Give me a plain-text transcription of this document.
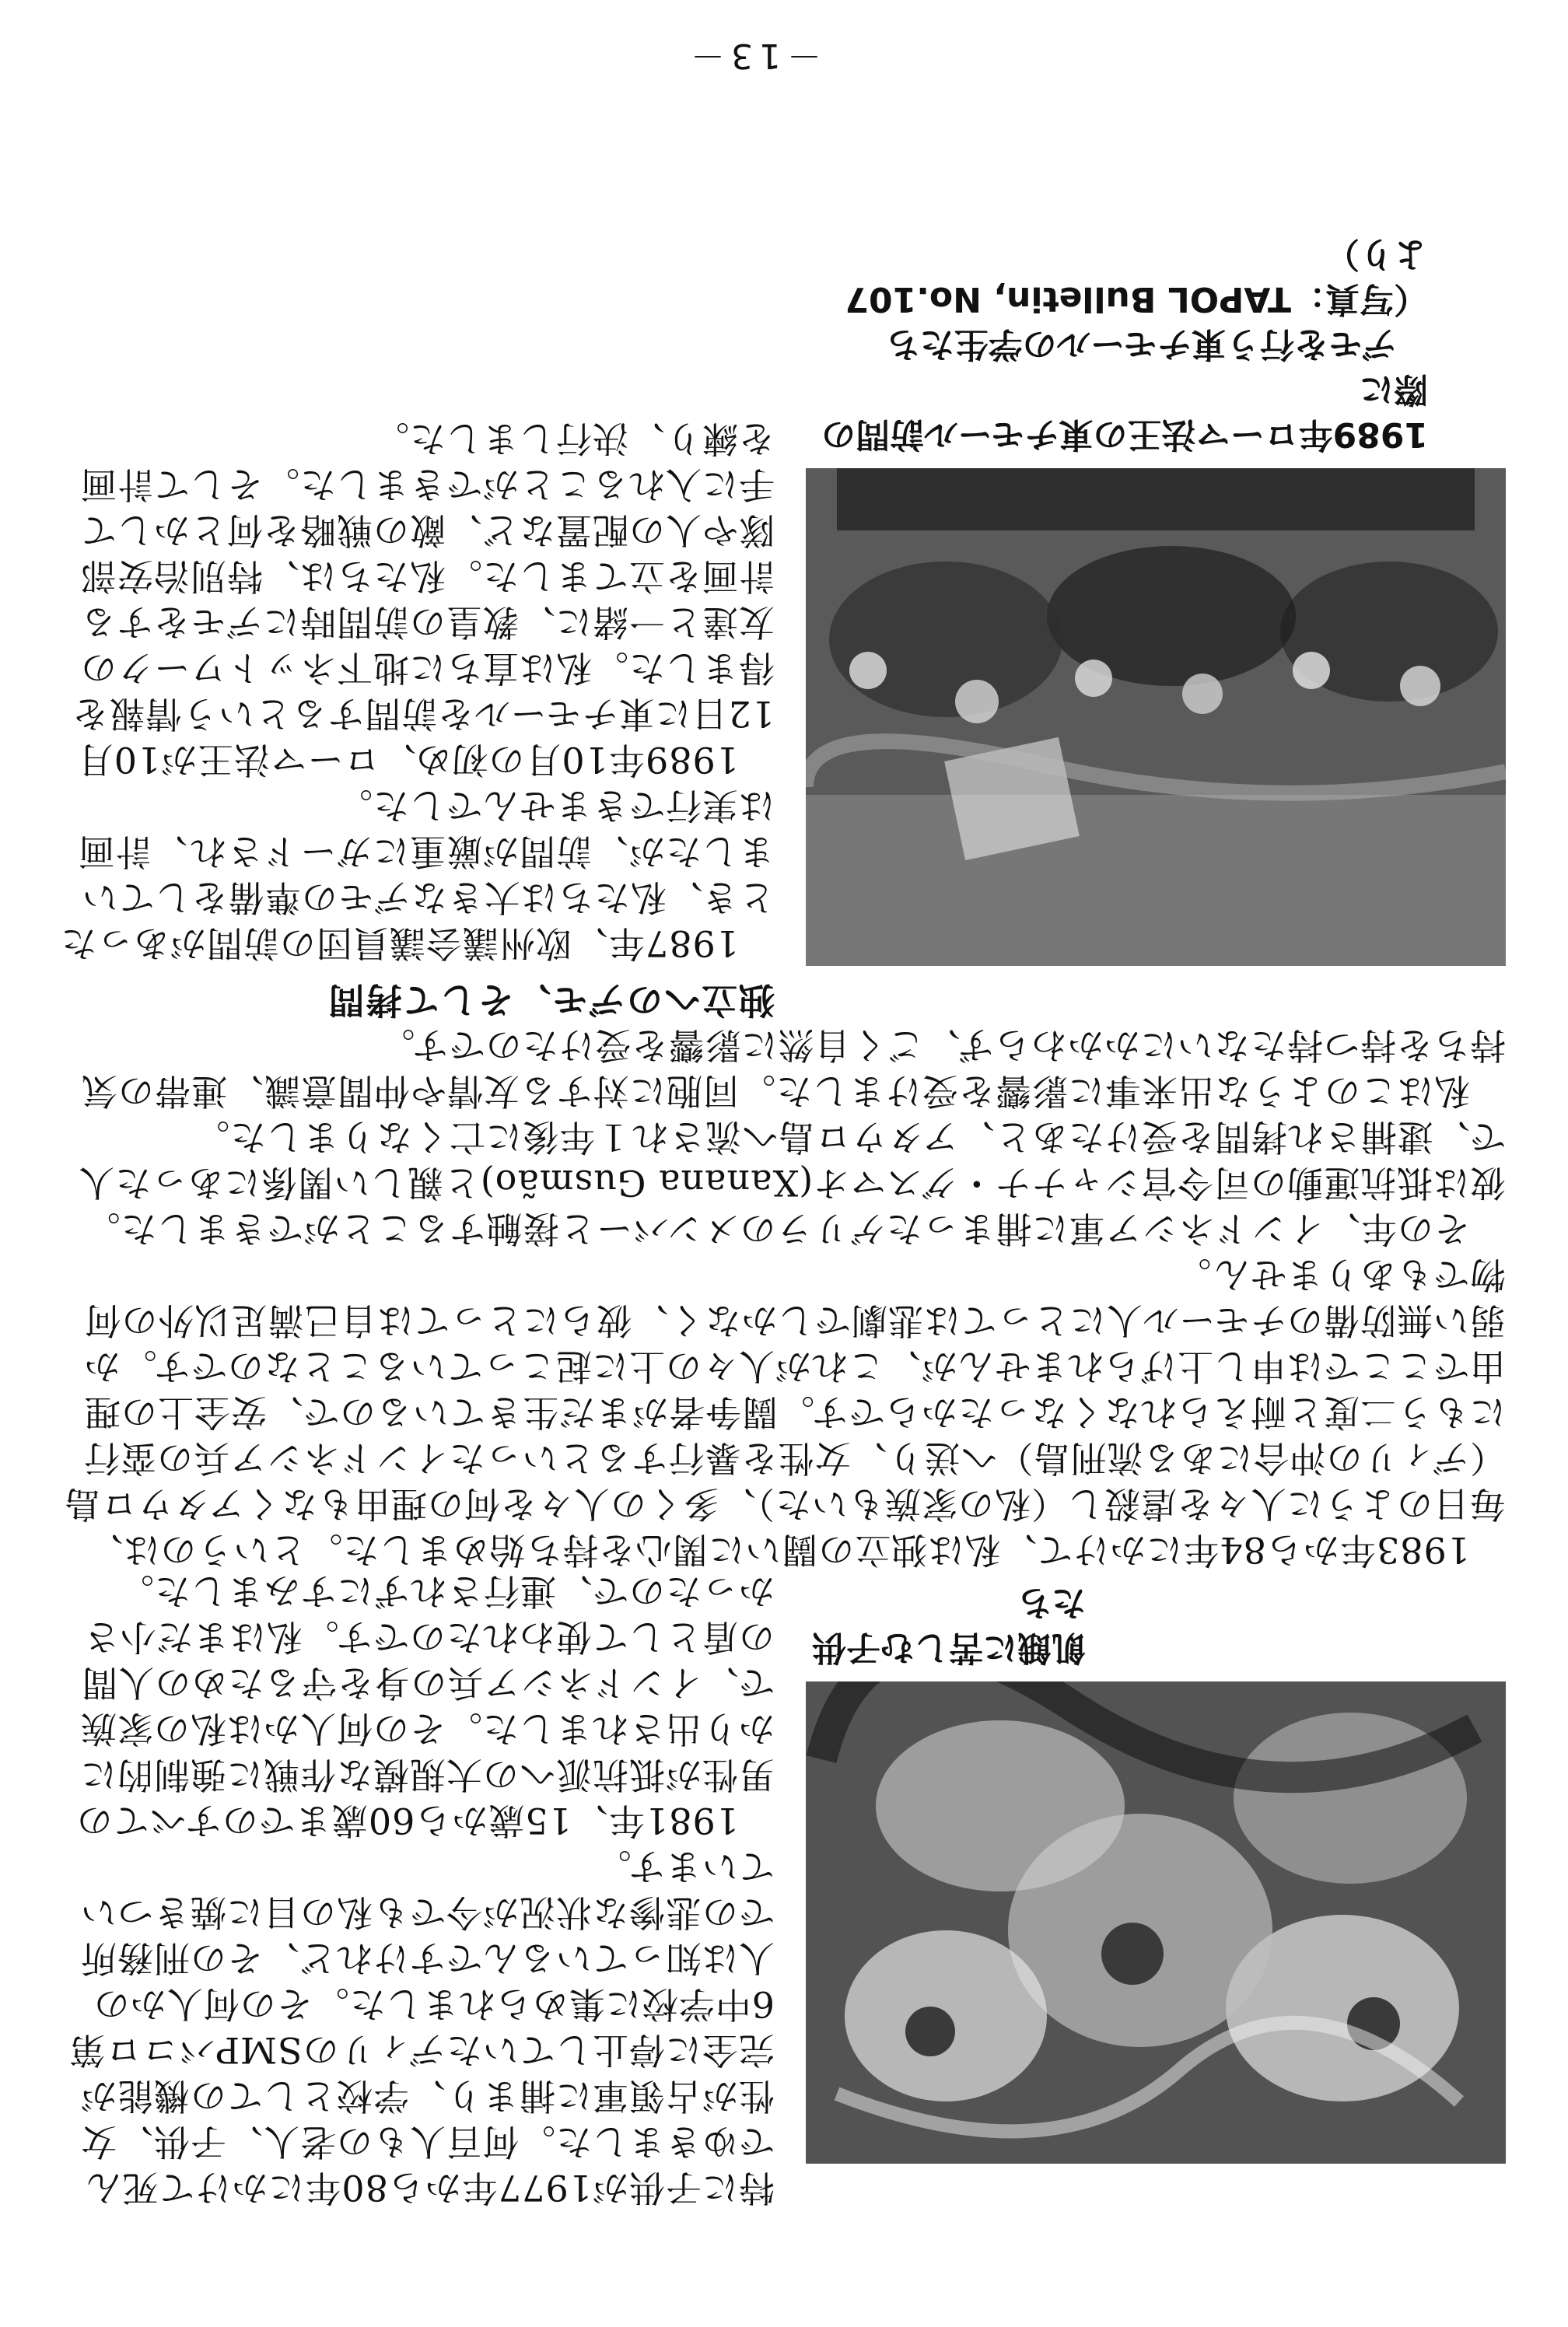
特に子供が1977年から80年にかけて死んでゆきました。何百人もの老人、子供、女性が占領軍に捕まり、学校としての機能が完全に停止していたディリのSMPバコロ第6中学校に集められました。その何人かの人は知っているんですけれど、その刑務所での悲惨な状況が今でも私の目に焼きついています。

1981年、15歳から60歳までのすべての男性が抵抗派への大規模な作戦に強制的にかり出されました。その何人かは私の家族で、インドネシア兵の身を守るための人間の盾として使われたのです。私はまだ小さかったので、連行されずにすみました。

飢餓に苦しむ子供たち

1983年から84年にかけて、私は独立の闘いに関心を持ち始めました。というのは、毎日のように人々を虐殺し（私の家族もいた）、多くの人々を何の理由もなくアタウロ島（ディリの沖合にある流刑島）へ送り、女性を暴行するといったインドネシア兵の蛮行にもう二度と耐えられなくなったからです。闘争者がまだ生きているので、安全上の理由でここでは申し上げられませんが、これが人々の上に起こっていることなのです。か弱い無防備のチモール人にとっては悲劇でしかなく、彼らにとっては自己満足以外の何物でもありません。

その年、インドネシア軍に捕まったゲリラのメンバーと接触することができました。彼は抵抗運動の司令官シャナナ・グスマオ(Xanana Gusmão)と親しい関係にあった人で、逮捕され拷問を受けたあと、アタウロ島へ流され１年後に亡くなりました。

私はこのような出来事に影響を受けました。同胞に対する友情や仲間意識、連帯の気持ちを持つ持たないにかかわらず、ごく自然に影響を受けたのです。

独立へのデモ、そして拷問

1987年、欧州議会議員団の訪問があったとき、私たちは大きなデモの準備をしていましたが、訪問が厳重にガードされ、計画は実行できませんでした。

1989年10月の初め、ローマ法王が10月12日に東チモールを訪問するという情報を得ました。私は直ちに地下ネットワークの友達と一緒に、教皇の訪問時にデモをする計画を立てました。私たちは、特別治安部隊や人の配置など、敵の戦略を何とかして手に入れることができました。そして計画を練り、決行しました。	1989年ローマ法王の東チモール訪問の際に
デモを行う東チモールの学生たち
（写真：TAPOL Bulletin, No.107 より）
－13－
